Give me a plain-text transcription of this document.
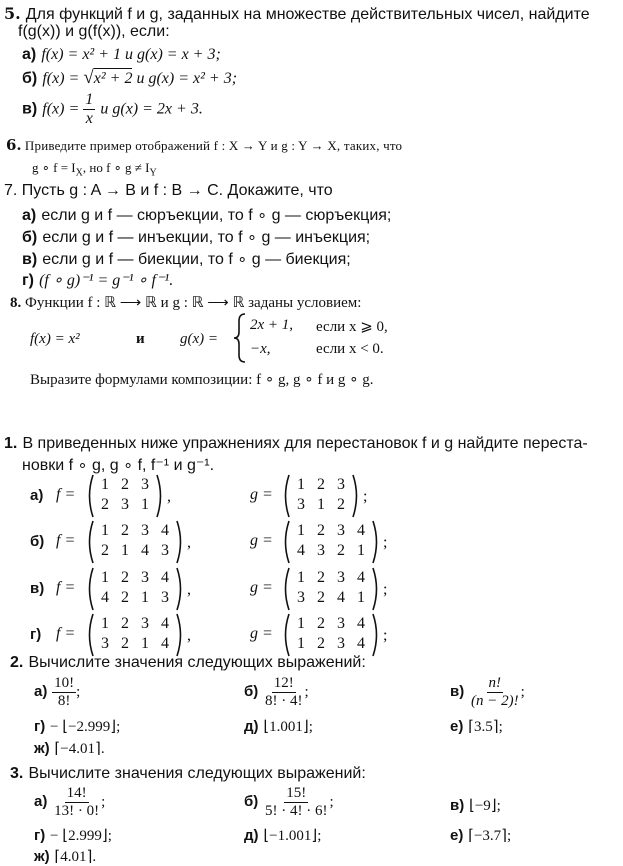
5. Для функций f и g, заданных на множестве действительных чисел, найдите
f(g(x)) и g(f(x)), если:
а) f(x) = x² + 1 и g(x) = x + 3;
б) f(x) = √x² + 2 и g(x) = x² + 3;
в) $f(x) = \frac{1}{x}$ и g(x) = 2x + 3.
6. Приведите пример отображений f : X → Y и g : Y → X, таких, что
g ∘ $f = I_X$, но f ∘ $g \ne I_Y$
7. Пусть g : A → B и f : B → C. Докажите, что
а) если g и f — сюръекции, то f ∘ g — сюръекция;
б) если g и f — инъекции, то f ∘ g — инъекция;
в) если g и f — биекции, то f ∘ g — биекция;
г) (f ∘ g)⁻¹ = g⁻¹ ∘ f⁻¹.
8. Функции f : ℝ ⟶ ℝ и g : ℝ ⟶ ℝ заданы условием:
f(x) = x²	и g(x) =
2x + 1, если x ⩾ 0,
−x,	если x < 0.
Выразите формулами композиции: f ∘ g, g ∘ f и g ∘ g.
1. В приведенных ниже упражнениях для перестановок f и g найдите переста-
новки f ∘ g, g ∘ f, f⁻¹ и g⁻¹.
а) f =
1 2 3
2 3 1	,	g =
1 2 3
3 1 2	;
б) f =
1 2 3 4
2 1 4 3	,	g =
1 2 3 4
4 3 2 1	;
в) f =
1 2 3 4
4 2 1 3	,	g =
1 2 3 4
3 2 4 1	;
г) f =
1 2 3 4
3 2 1 4	,	g =
1 2 3 4
1 2 3 4	;
2. Вычислите значения следующих выражений:
$а) \frac{10!}{8!}$ ;	$б) \frac{12!}{8! \cdot 4!}$ ;	$в) \frac{n!}{(n - 2)!}$ ;
г) − ⌊−2.999⌋;	д) ⌊1.001⌋;	е) ⌈3.5⌉;
ж) ⌈−4.01⌉.
3. Вычислите значения следующих выражений:
$а) \frac{14!}{13! \cdot 0!}$ ;	$б) \frac{15!}{5! \cdot 4! \cdot 6!}$ ;	в) ⌊−9⌋;
г) − ⌊2.999⌋;	д) ⌊−1.001⌋;	е) ⌈−3.7⌉;
ж) ⌈4.01⌉.
